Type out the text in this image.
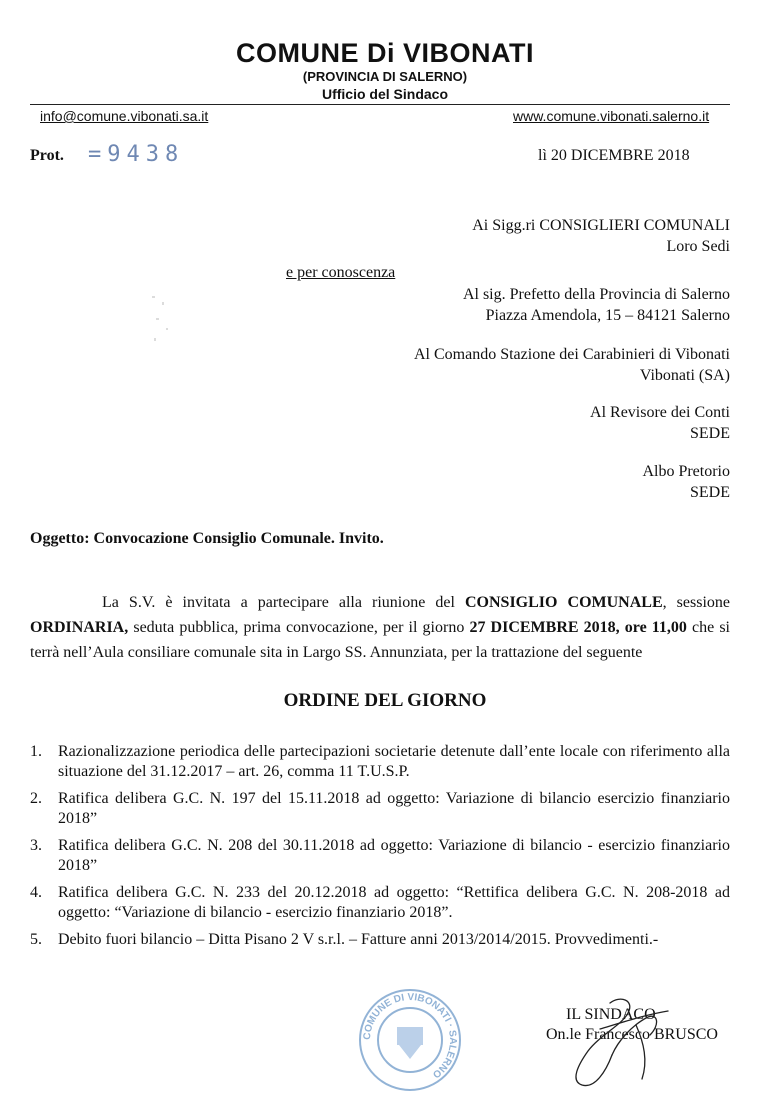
COMUNE Di VIBONATI
(PROVINCIA DI SALERNO)
Ufficio del Sindaco
info@comune.vibonati.sa.it	www.comune.vibonati.salerno.it
Prot. =9438	lì 20 DICEMBRE 2018
Ai Sigg.ri CONSIGLIERI COMUNALI
Loro Sedi
e per conoscenza
Al sig. Prefetto della Provincia di Salerno
Piazza Amendola, 15 – 84121 Salerno
Al Comando Stazione dei Carabinieri di Vibonati
Vibonati (SA)
Al Revisore dei Conti
SEDE
Albo Pretorio
SEDE
Oggetto: Convocazione Consiglio Comunale. Invito.
La S.V. è invitata a partecipare alla riunione del CONSIGLIO COMUNALE, sessione ORDINARIA, seduta pubblica, prima convocazione, per il giorno 27 DICEMBRE 2018, ore 11,00 che si terrà nell’Aula consiliare comunale sita in Largo SS. Annunziata, per la trattazione del seguente
ORDINE DEL GIORNO
1. Razionalizzazione periodica delle partecipazioni societarie detenute dall’ente locale con riferimento alla situazione del 31.12.2017 – art. 26, comma 11 T.U.S.P.
2. Ratifica delibera G.C. N. 197 del 15.11.2018 ad oggetto: Variazione di bilancio esercizio finanziario 2018”
3. Ratifica delibera G.C. N. 208 del 30.11.2018 ad oggetto: Variazione di bilancio - esercizio finanziario 2018”
4. Ratifica delibera G.C. N. 233 del 20.12.2018 ad oggetto: “Rettifica delibera G.C. N. 208-2018 ad oggetto: “Variazione di bilancio - esercizio finanziario 2018”.
5. Debito fuori bilancio – Ditta Pisano 2 V s.r.l. – Fatture anni 2013/2014/2015. Provvedimenti.-
COMUNE DI VIBONATI · SALERNO
IL SINDACO
On.le Francesco BRUSCO
